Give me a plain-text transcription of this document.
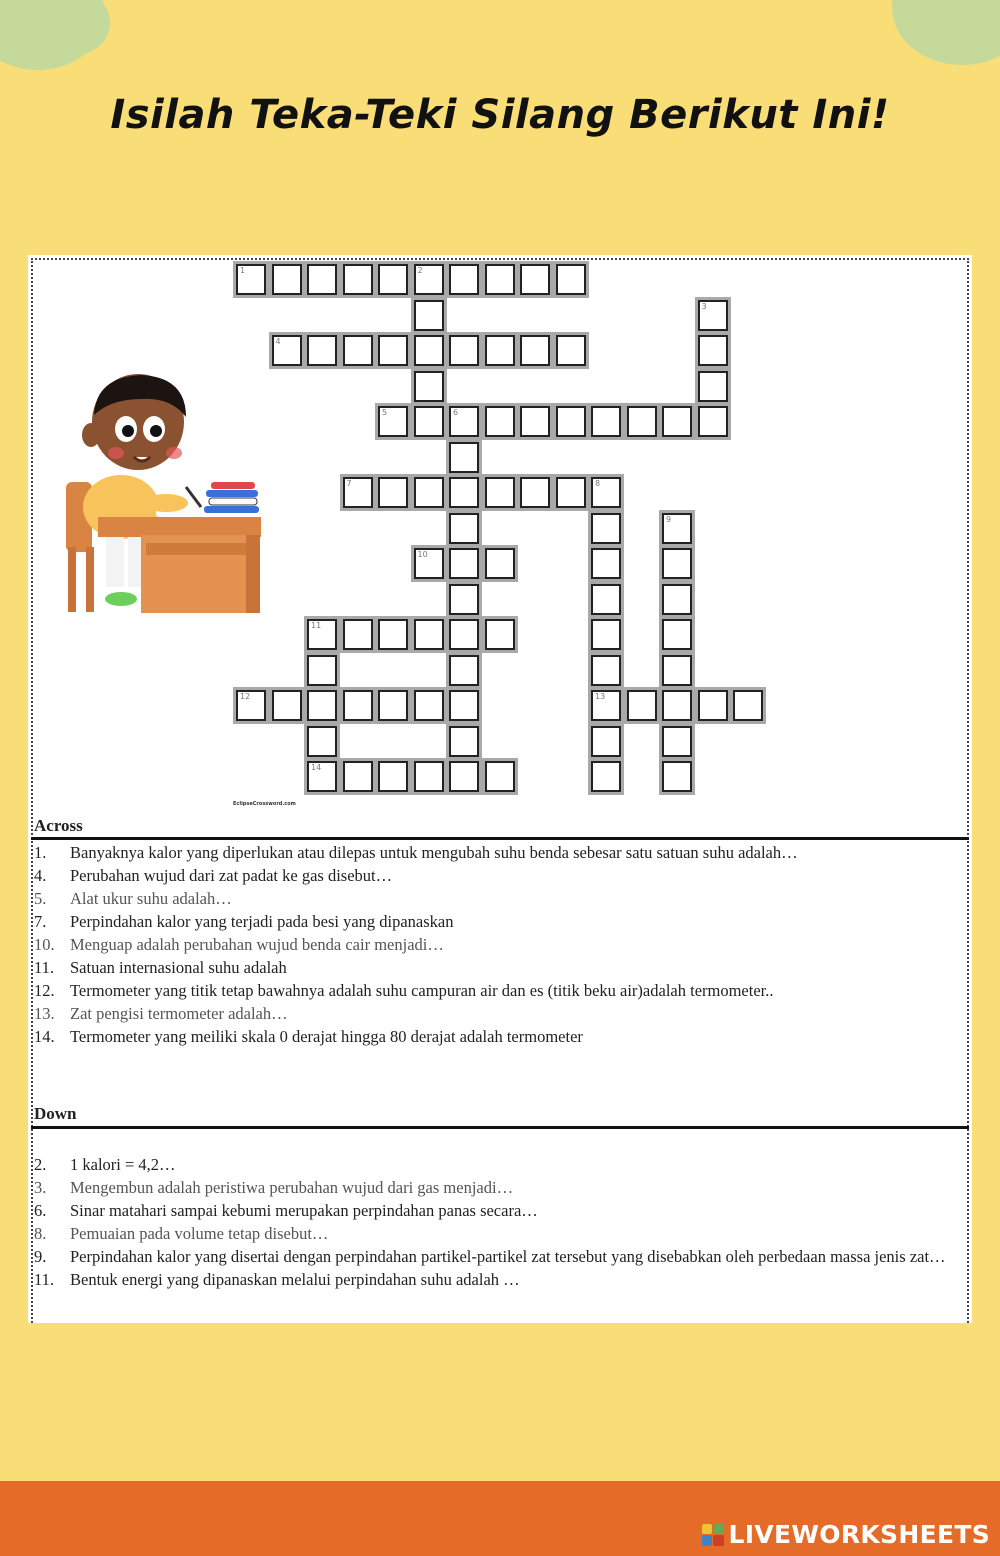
Isilah Teka-Teki Silang Berikut Ini!
1	2
4
5	6
7	8
10
11
12	13
14
3
9
EclipseCrossword.com
Across
1. Banyaknya kalor yang diperlukan atau dilepas untuk mengubah suhu benda sebesar satu satuan suhu adalah…
4. Perubahan wujud dari zat padat ke gas disebut…
5. Alat ukur suhu adalah…
7. Perpindahan kalor yang terjadi pada besi yang dipanaskan
10. Menguap adalah perubahan wujud benda cair menjadi…
11. Satuan internasional suhu adalah
12. Termometer yang titik tetap bawahnya adalah suhu campuran air dan es (titik beku air)adalah termometer..
13. Zat pengisi termometer adalah…
14. Termometer yang meiliki skala 0 derajat hingga 80 derajat adalah termometer
Down
2. 1 kalori = 4,2…
3. Mengembun adalah peristiwa perubahan wujud dari gas menjadi…
6. Sinar matahari sampai kebumi merupakan perpindahan panas secara…
8. Pemuaian pada volume tetap disebut…
9. Perpindahan kalor yang disertai dengan perpindahan partikel-partikel zat tersebut yang disebabkan oleh perbedaan massa jenis zat…
11. Bentuk energi yang dipanaskan melalui perpindahan suhu adalah …
LIVEWORKSHEETS
